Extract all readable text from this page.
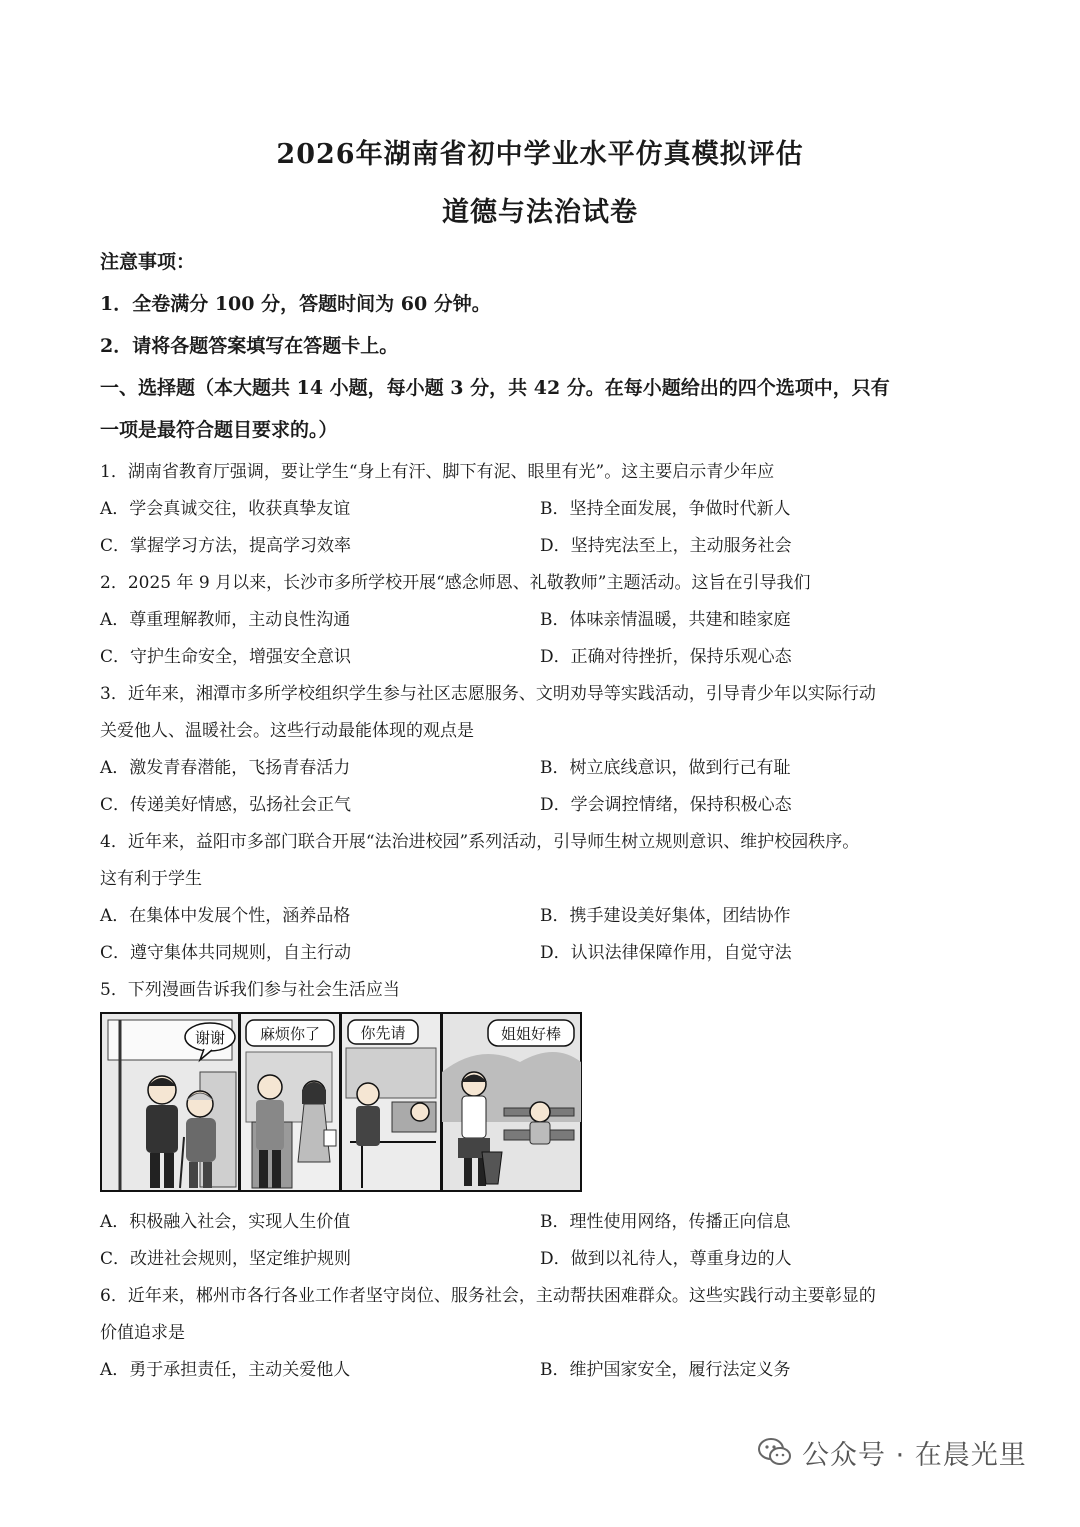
2026年湖南省初中学业水平仿真模拟评估
道德与法治试卷
注意事项：
1．全卷满分 100 分，答题时间为 60 分钟。
2．请将各题答案填写在答题卡上。
一、选择题（本大题共 14 小题，每小题 3 分，共 42 分。在每小题给出的四个选项中，只有
一项是最符合题目要求的。）
1．湖南省教育厅强调，要让学生“身上有汗、脚下有泥、眼里有光”。这主要启示青少年应
A．学会真诚交往，收获真挚友谊	B．坚持全面发展，争做时代新人
C．掌握学习方法，提高学习效率	D．坚持宪法至上，主动服务社会
2．2025 年 9 月以来，长沙市多所学校开展“感念师恩、礼敬教师”主题活动。这旨在引导我们
A．尊重理解教师，主动良性沟通	B．体味亲情温暖，共建和睦家庭
C．守护生命安全，增强安全意识	D．正确对待挫折，保持乐观心态
3．近年来，湘潭市多所学校组织学生参与社区志愿服务、文明劝导等实践活动，引导青少年以实际行动
关爱他人、温暖社会。这些行动最能体现的观点是
A．激发青春潜能，飞扬青春活力	B．树立底线意识，做到行己有耻
C．传递美好情感，弘扬社会正气	D．学会调控情绪，保持积极心态
4．近年来，益阳市多部门联合开展“法治进校园”系列活动，引导师生树立规则意识、维护校园秩序。
这有利于学生
A．在集体中发展个性，涵养品格	B．携手建设美好集体，团结协作
C．遵守集体共同规则，自主行动	D．认识法律保障作用，自觉守法
5．下列漫画告诉我们参与社会生活应当
谢谢 麻烦你了	你先请	姐姐好棒
A．积极融入社会，实现人生价值	B．理性使用网络，传播正向信息
C．改进社会规则，坚定维护规则	D．做到以礼待人，尊重身边的人
6．近年来，郴州市各行各业工作者坚守岗位、服务社会，主动帮扶困难群众。这些实践行动主要彰显的
价值追求是
A．勇于承担责任，主动关爱他人	B．维护国家安全，履行法定义务
公众号 · 在晨光里
